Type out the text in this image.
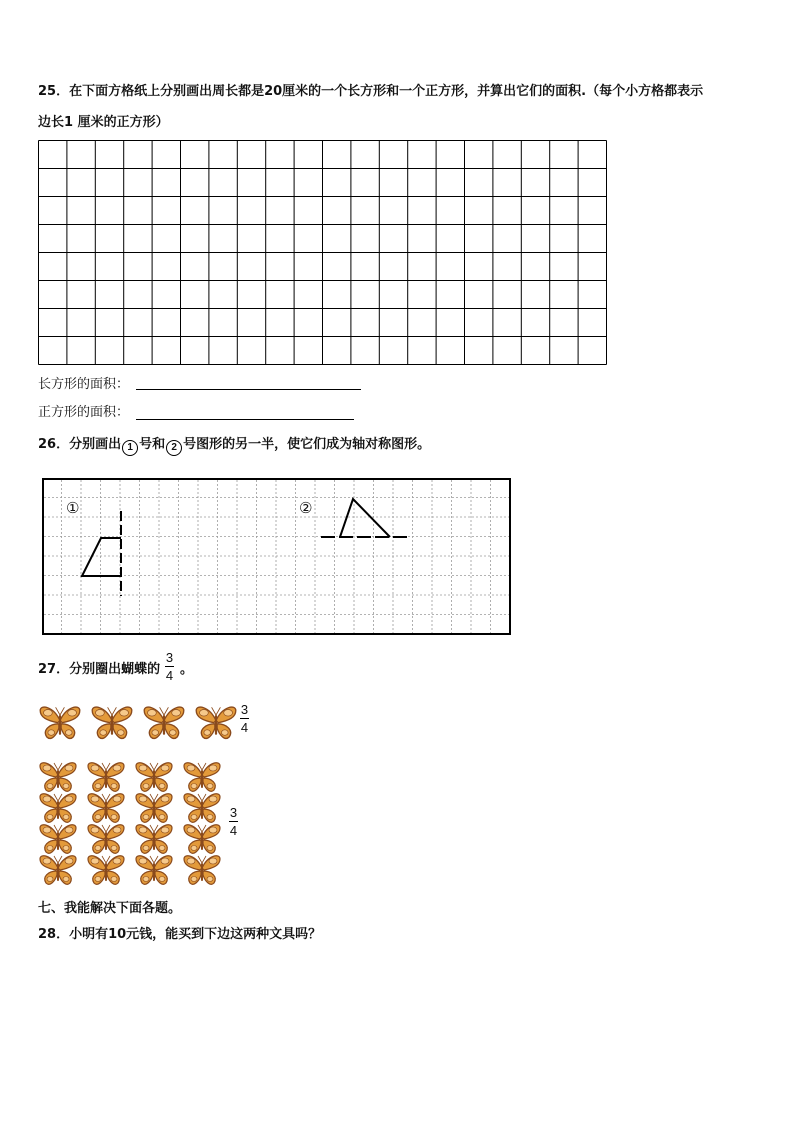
25．在下面方格纸上分别画出周长都是20厘米的一个长方形和一个正方形，并算出它们的面积.（每个小方格都表示
边长1 厘米的正方形）
长方形的面积：
正方形的面积：
26．分别画出 1 号和 2 号图形的另一半，使它们成为轴对称图形。
①	②
27．分别圈出蝴蝶的
3
4 。
3
4
3
4
七、我能解决下面各题。
28．小明有10元钱，能买到下边这两种文具吗？
